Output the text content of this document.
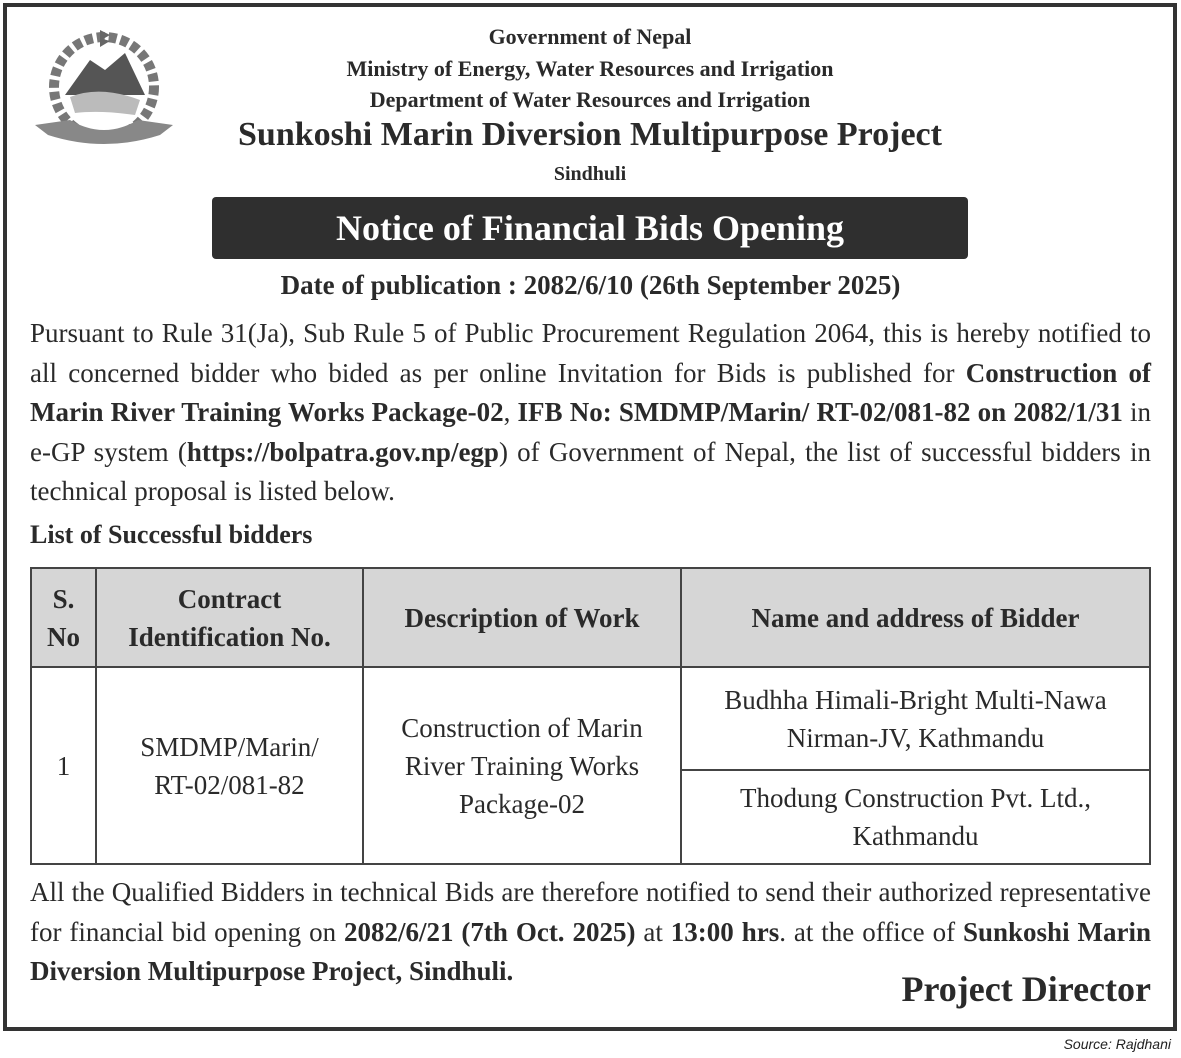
Government of Nepal
Ministry of Energy, Water Resources and Irrigation
Department of Water Resources and Irrigation
Sunkoshi Marin Diversion Multipurpose Project
Sindhuli
Notice of Financial Bids Opening
Date of publication : 2082/6/10 (26th September 2025)
Pursuant to Rule 31(Ja), Sub Rule 5 of Public Procurement Regulation 2064, this is hereby notified to all concerned bidder who bided as per online Invitation for Bids is published for Construction of Marin River Training Works Package-02, IFB No: SMDMP/Marin/ RT-02/081-82 on 2082/1/31 in e-GP system (https://bolpatra.gov.np/egp) of Government of Nepal, the list of successful bidders in technical proposal is listed below.
List of Successful bidders
S. No	Contract Identification No.	Description of Work	Name and address of Bidder
1	SMDMP/Marin/ RT-02/081-82	Construction of Marin River Training Works Package-02	Budhha Himali-Bright Multi-Nawa Nirman-JV, Kathmandu
			Thodung Construction Pvt. Ltd., Kathmandu
All the Qualified Bidders in technical Bids are therefore notified to send their authorized representative for financial bid opening on 2082/6/21 (7th Oct. 2025) at 13:00 hrs. at the office of Sunkoshi Marin Diversion Multipurpose Project, Sindhuli.	Project Director
Source: Rajdhani
